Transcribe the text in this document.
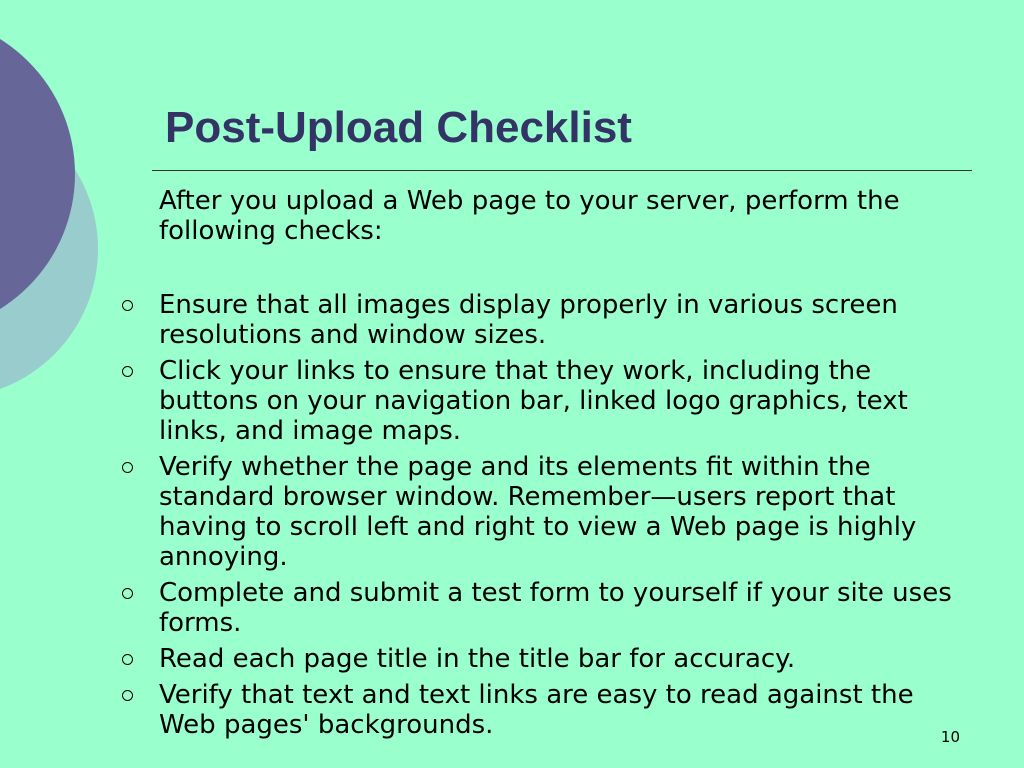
Post-Upload Checklist

After you upload a Web page to your server, perform the following checks:

Ensure that all images display properly in various screen resolutions and window sizes.
Click your links to ensure that they work, including the buttons on your navigation bar, linked logo graphics, text links, and image maps.
Verify whether the page and its elements fit within the standard browser window. Remember—users report that having to scroll left and right to view a Web page is highly annoying.
Complete and submit a test form to yourself if your site uses forms.
Read each page title in the title bar for accuracy.
Verify that text and text links are easy to read against the Web pages' backgrounds.	10
